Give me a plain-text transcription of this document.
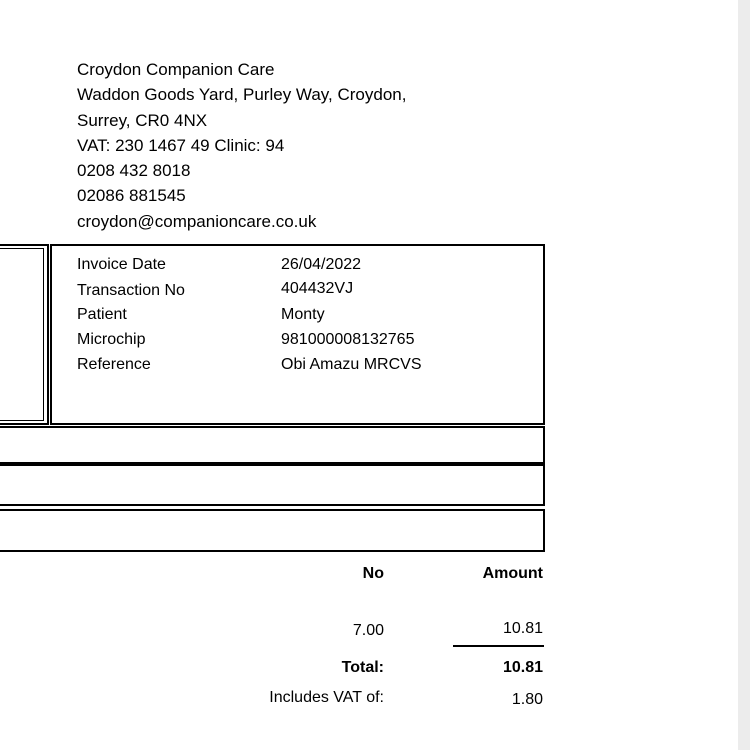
Croydon Companion Care
Waddon Goods Yard, Purley Way, Croydon,
Surrey, CR0 4NX
VAT: 230 1467 49 Clinic: 94
0208 432 8018
02086 881545
croydon@companioncare.co.uk
Invoice Date	26/04/2022
Transaction No	404432VJ
Patient	Monty
Microchip	981000008132765
Reference	Obi Amazu MRCVS
No	Amount
7.00	10.81
Total:	10.81
Includes VAT of:	1.80
